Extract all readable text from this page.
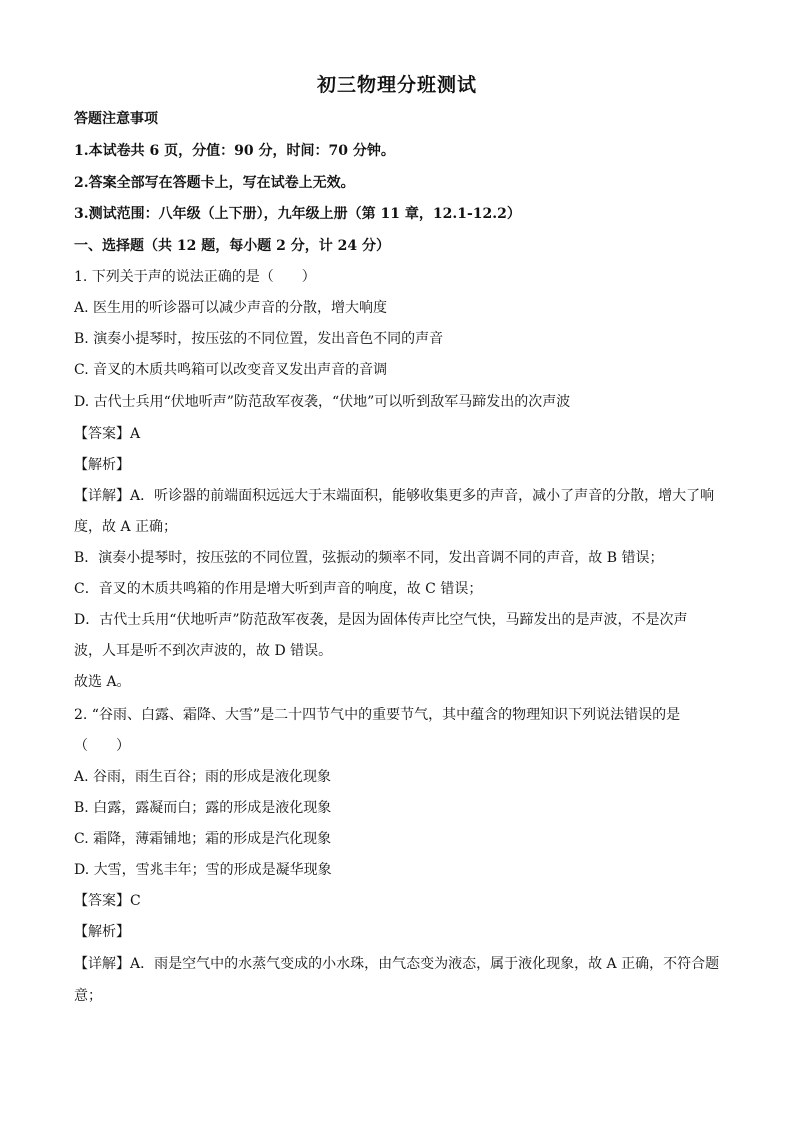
初三物理分班测试
答题注意事项
1.本试卷共 6 页，分值：90 分，时间：70 分钟。
2.答案全部写在答题卡上，写在试卷上无效。
3.测试范围：八年级（上下册），九年级上册（第 11 章，12.1-12.2）
一、选择题（共 12 题，每小题 2 分，计 24 分）
1. 下列关于声的说法正确的是（　　）
A. 医生用的听诊器可以减少声音的分散，增大响度
B. 演奏小提琴时，按压弦的不同位置，发出音色不同的声音
C. 音叉的木质共鸣箱可以改变音叉发出声音的音调
D. 古代士兵用“伏地听声”防范敌军夜袭，“伏地”可以听到敌军马蹄发出的次声波
【答案】A
【解析】
【详解】A．听诊器的前端面积远远大于末端面积，能够收集更多的声音，减小了声音的分散，增大了响
度，故 A 正确；
B．演奏小提琴时，按压弦的不同位置，弦振动的频率不同，发出音调不同的声音，故 B 错误；
C．音叉的木质共鸣箱的作用是增大听到声音的响度，故 C 错误；
D．古代士兵用“伏地听声”防范敌军夜袭，是因为固体传声比空气快，马蹄发出的是声波，不是次声
波，人耳是听不到次声波的，故 D 错误。
故选 A。
2. “谷雨、白露、霜降、大雪”是二十四节气中的重要节气，其中蕴含的物理知识下列说法错误的是
（　　）
A. 谷雨，雨生百谷；雨的形成是液化现象
B. 白露，露凝而白；露的形成是液化现象
C. 霜降，薄霜铺地；霜的形成是汽化现象
D. 大雪，雪兆丰年；雪的形成是凝华现象
【答案】C
【解析】
【详解】A．雨是空气中的水蒸气变成的小水珠，由气态变为液态，属于液化现象，故 A 正确，不符合题
意；
